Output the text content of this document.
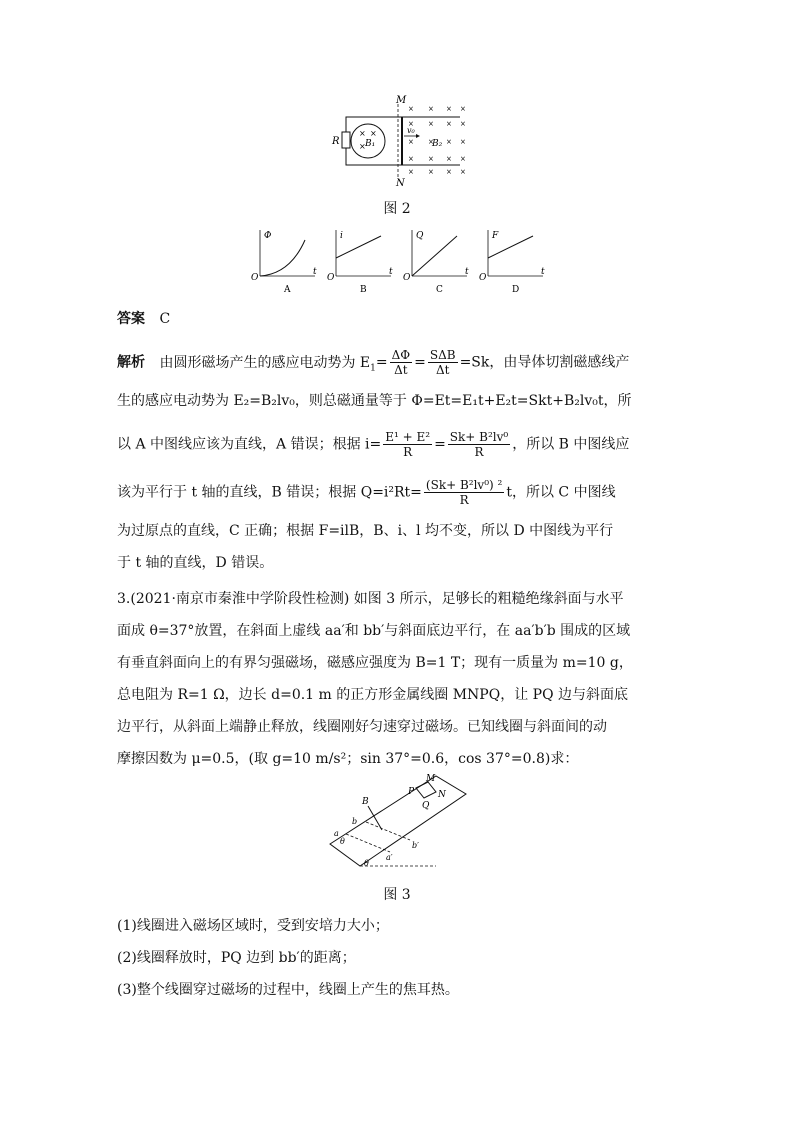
R
× ×
× B₁
M
N
v₀
B₂
× × × ×
× × × ×
× × × ×
× × × ×
× × × ×
图 2
Φ
t
O
A
i
t
O
B
Q
t
O
C
F
t
O
D
答案 C
解析 由圆形磁场产生的感应电动势为 $E_1= \frac{\Delta\Phi}{\Delta t} = \frac{\text{SΔB}}{\Delta t} =Sk$，由导体切割磁感线产
生的感应电动势为 E₂=B₂lv₀，则总磁通量等于 Φ=Et=E₁t+E₂t=Skt+B₂lv₀t，所
以 A 中图线应该为直线，A 错误；根据 $i= \frac{\text{E¹ + E²}}{R} = \frac{\text{Sk+ B²lv⁰}}{R}$ ，所以 B 中图线应
该为平行于 t 轴的直线，B 错误；根据 $Q=i^2Rt= \frac{\text{(Sk+ B²lv⁰) ²}}{R}$ t，所以 C 中图线
为过原点的直线，C 正确；根据 F=ilB，B、i、l 均不变，所以 D 中图线为平行
于 t 轴的直线，D 错误。
3.(2021·南京市秦淮中学阶段性检测) 如图 3 所示，足够长的粗糙绝缘斜面与水平
面成 θ=37°放置，在斜面上虚线 aa′和 bb′与斜面底边平行，在 aa′b′b 围成的区域
有垂直斜面向上的有界匀强磁场，磁感应强度为 B=1 T；现有一质量为 m=10 g，
总电阻为 R=1 Ω，边长 d=0.1 m 的正方形金属线圈 MNPQ，让 PQ 边与斜面底
边平行，从斜面上端静止释放，线圈刚好匀速穿过磁场。已知线圈与斜面间的动
摩擦因数为 μ=0.5，(取 g=10 m/s²；sin 37°=0.6，cos 37°=0.8)求：
M
N
P
Q
B
b
b′
a
a′
θ
θ
图 3
(1)线圈进入磁场区域时，受到安培力大小；
(2)线圈释放时，PQ 边到 bb′的距离；
(3)整个线圈穿过磁场的过程中，线圈上产生的焦耳热。
